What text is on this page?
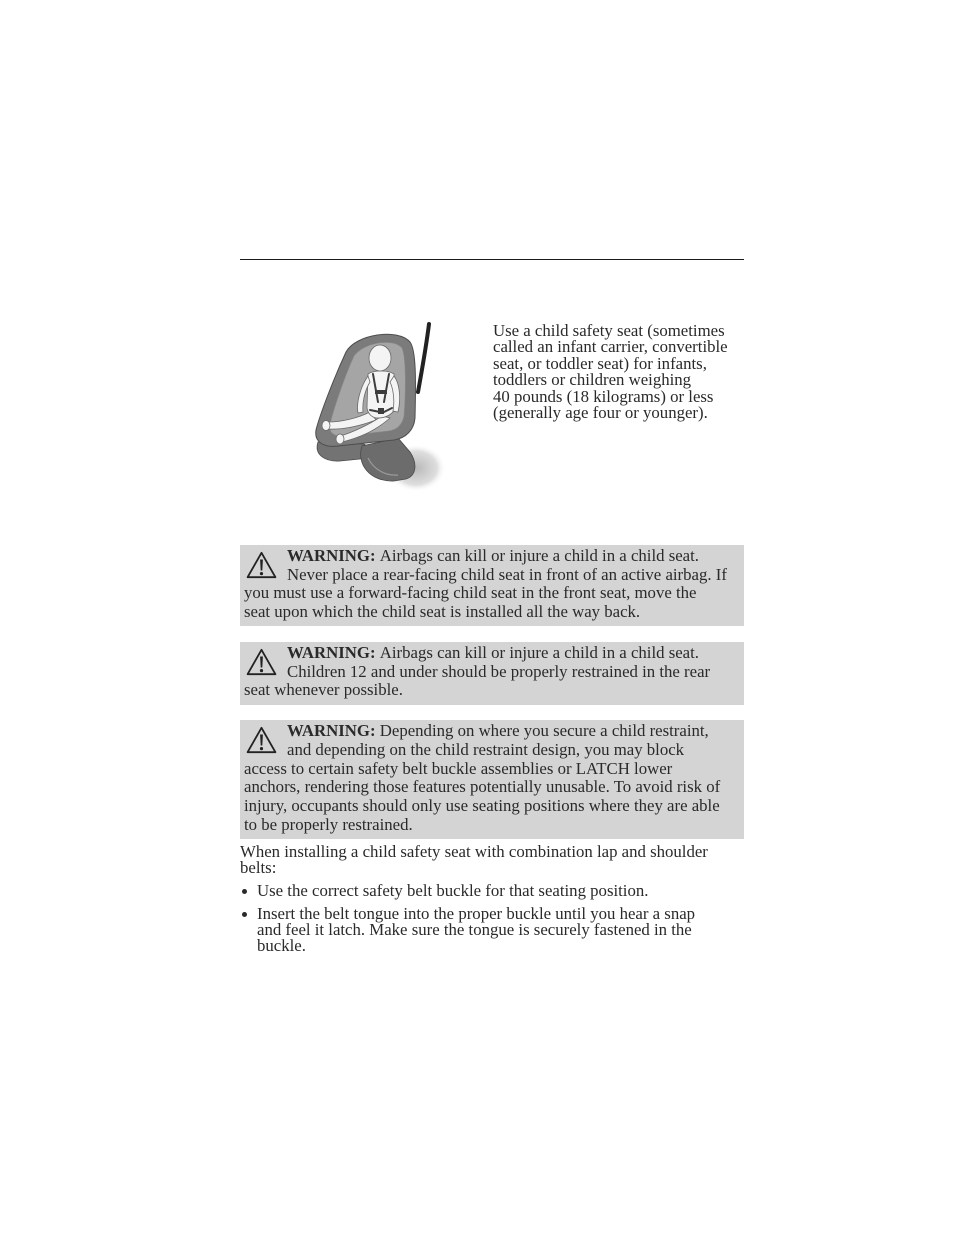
Use a child safety seat (sometimes
called an infant carrier, convertible
seat, or toddler seat) for infants,
toddlers or children weighing
40 pounds (18 kilograms) or less
(generally age four or younger).
WARNING: Airbags can kill or injure a child in a child seat.
Never place a rear-facing child seat in front of an active airbag. If
you must use a forward-facing child seat in the front seat, move the
seat upon which the child seat is installed all the way back.
WARNING: Airbags can kill or injure a child in a child seat.
Children 12 and under should be properly restrained in the rear
seat whenever possible.
WARNING: Depending on where you secure a child restraint,
and depending on the child restraint design, you may block
access to certain safety belt buckle assemblies or LATCH lower
anchors, rendering those features potentially unusable. To avoid risk of
injury, occupants should only use seating positions where they are able
to be properly restrained.
When installing a child safety seat with combination lap and shoulder
belts:
Use the correct safety belt buckle for that seating position.
Insert the belt tongue into the proper buckle until you hear a snap
and feel it latch. Make sure the tongue is securely fastened in the
buckle.
